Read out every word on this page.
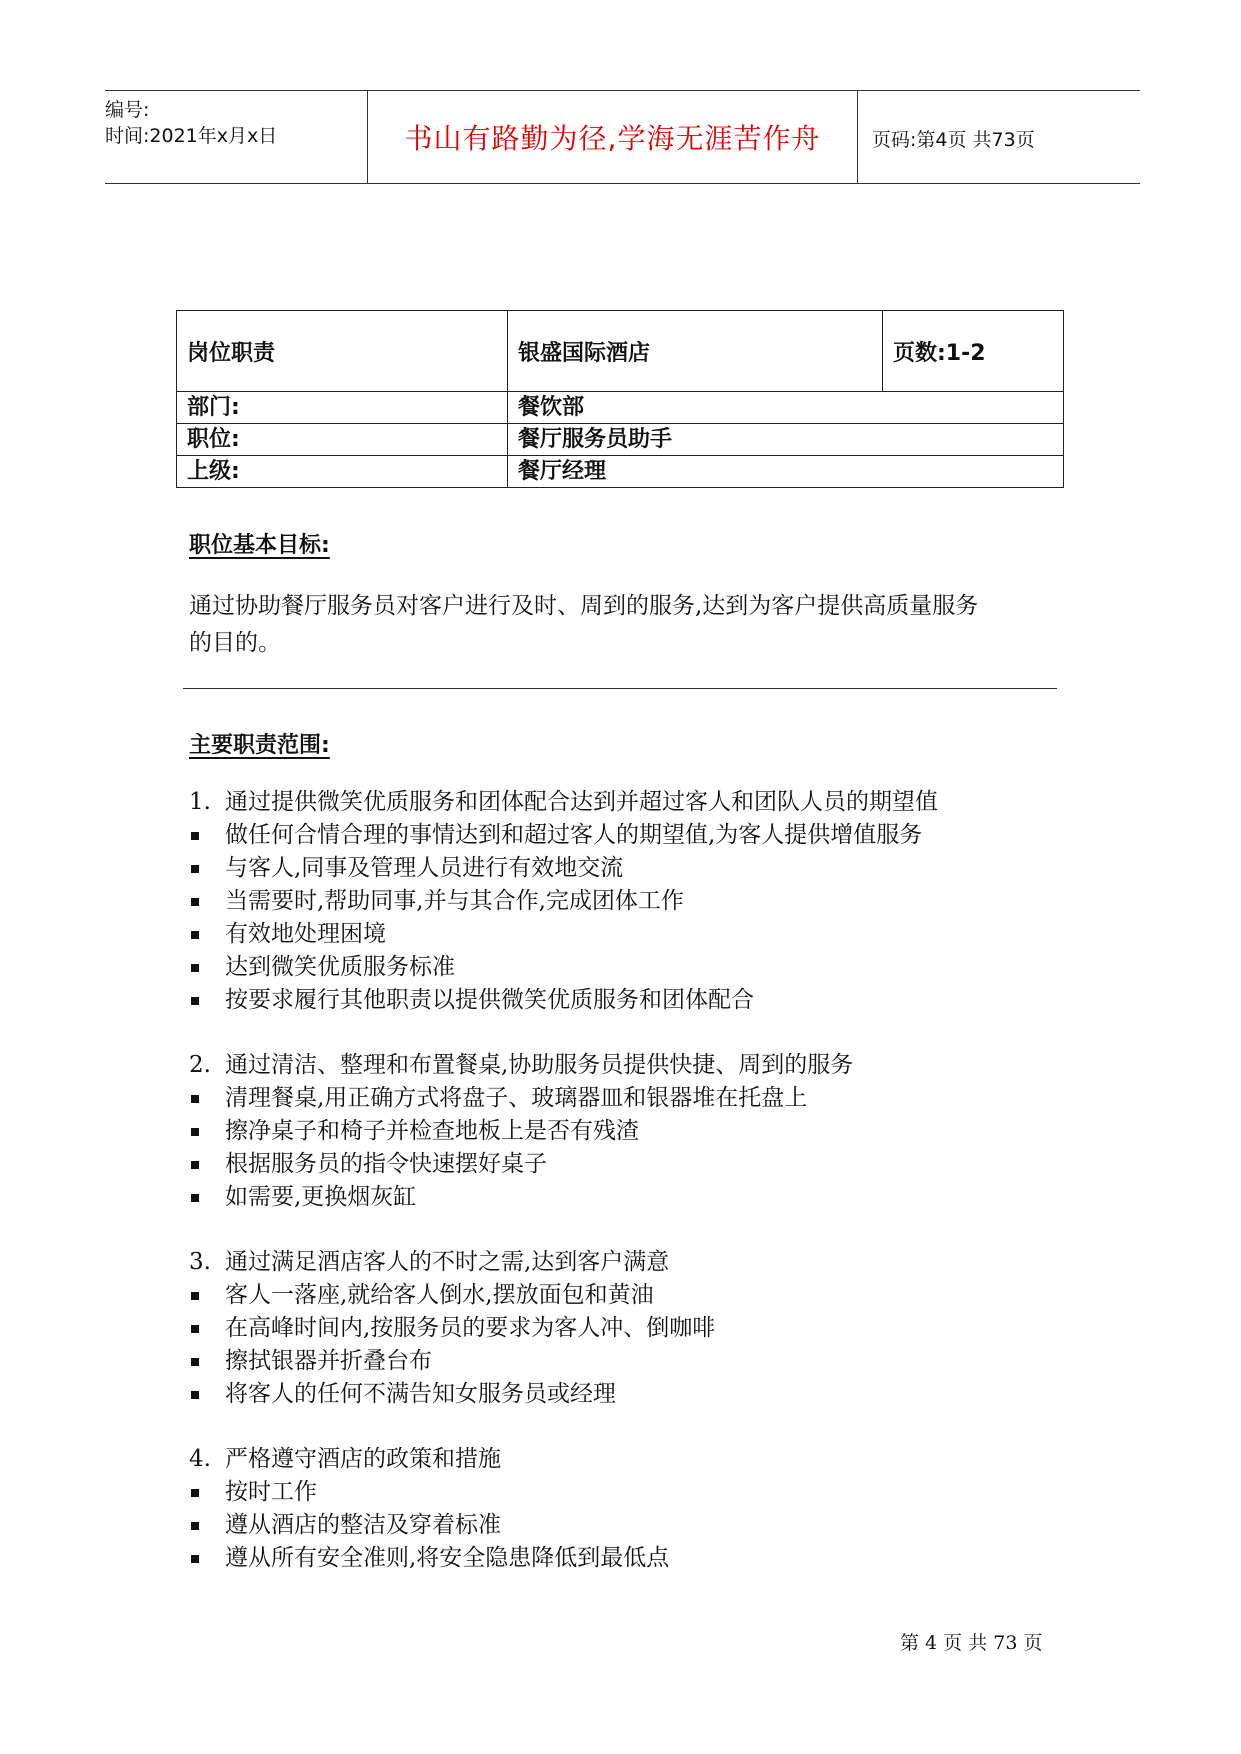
编号:
时间:2021年x月x日	书山有路勤为径,学海无涯苦作舟	页码:第4页 共73页
岗位职责	银盛国际酒店	页数:1-2
部门:	餐饮部	
职位:	餐厅服务员助手	
上级:	餐厅经理	
职位基本目标:
通过协助餐厅服务员对客户进行及时、周到的服务,达到为客户提供高质量服务
的目的。
主要职责范围:
1. 通过提供微笑优质服务和团体配合达到并超过客人和团队人员的期望值
做任何合情合理的事情达到和超过客人的期望值,为客人提供增值服务
与客人,同事及管理人员进行有效地交流
当需要时,帮助同事,并与其合作,完成团体工作
有效地处理困境
达到微笑优质服务标准
按要求履行其他职责以提供微笑优质服务和团体配合
2. 通过清洁、整理和布置餐桌,协助服务员提供快捷、周到的服务
清理餐桌,用正确方式将盘子、玻璃器皿和银器堆在托盘上
擦净桌子和椅子并检查地板上是否有残渣
根据服务员的指令快速摆好桌子
如需要,更换烟灰缸
3. 通过满足酒店客人的不时之需,达到客户满意
客人一落座,就给客人倒水,摆放面包和黄油
在高峰时间内,按服务员的要求为客人冲、倒咖啡
擦拭银器并折叠台布
将客人的任何不满告知女服务员或经理
4. 严格遵守酒店的政策和措施
按时工作
遵从酒店的整洁及穿着标准
遵从所有安全准则,将安全隐患降低到最低点
第 4 页 共 73 页
